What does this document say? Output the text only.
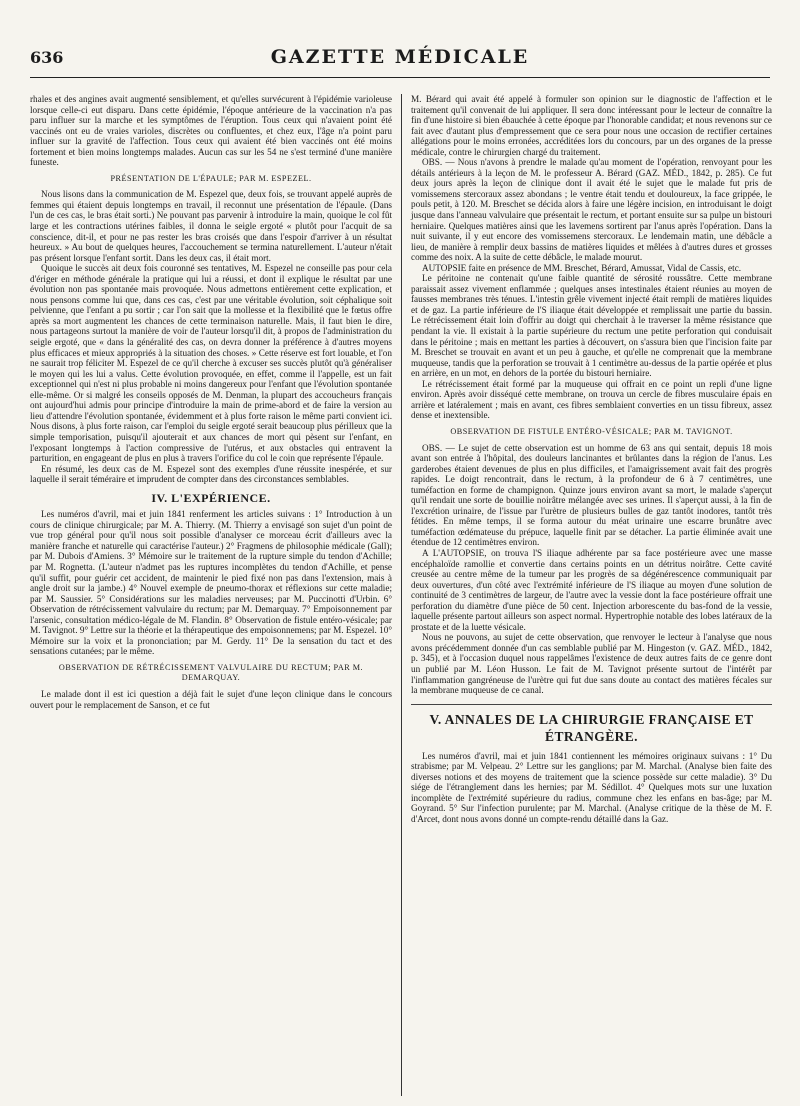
636	GAZETTE MÉDICALE

rhales et des angines avait augmenté sensiblement, et qu'elles survécurent à l'épidémie varioleuse lorsque celle-ci eut disparu. Dans cette épidémie, l'époque antérieure de la vaccination n'a pas paru influer sur la marche et les symptômes de l'éruption. Tous ceux qui n'avaient point été vaccinés ont eu de vraies varioles, discrètes ou confluentes, et chez eux, l'âge n'a point paru influer sur la gravité de l'affection. Tous ceux qui avaient été bien vaccinés ont été moins fortement et bien moins longtemps malades. Aucun cas sur les 54 ne s'est terminé d'une manière funeste.

PRÉSENTATION DE L'ÉPAULE; PAR M. ESPEZEL.

Nous lisons dans la communication de M. Espezel que, deux fois, se trouvant appelé auprès de femmes qui étaient depuis longtemps en travail, il reconnut une présentation de l'épaule. (Dans l'un de ces cas, le bras était sorti.) Ne pouvant pas parvenir à introduire la main, quoique le col fût large et les contractions utérines faibles, il donna le seigle ergoté « plutôt pour l'acquit de sa conscience, dit-il, et pour ne pas rester les bras croisés que dans l'espoir d'arriver à un résultat heureux. » Au bout de quelques heures, l'accouchement se termina naturellement. L'auteur n'était pas présent lorsque l'enfant sortit. Dans les deux cas, il était mort.

Quoique le succès ait deux fois couronné ses tentatives, M. Espezel ne conseille pas pour cela d'ériger en méthode générale la pratique qui lui a réussi, et dont il explique le résultat par une évolution non pas spontanée mais provoquée. Nous admettons entièrement cette explication, et nous pensons comme lui que, dans ces cas, c'est par une véritable évolution, soit céphalique soit pelvienne, que l'enfant a pu sortir ; car l'on sait que la mollesse et la flexibilité que le fœtus offre après sa mort augmentent les chances de cette terminaison naturelle. Mais, il faut bien le dire, nous partageons surtout la manière de voir de l'auteur lorsqu'il dit, à propos de l'administration du seigle ergoté, que « dans la généralité des cas, on devra donner la préférence à d'autres moyens plus efficaces et mieux appropriés à la situation des choses. » Cette réserve est fort louable, et l'on ne saurait trop féliciter M. Espezel de ce qu'il cherche à excuser ses succès plutôt qu'à généraliser le moyen qui les lui a valus. Cette évolution provoquée, en effet, comme il l'appelle, est un fait exceptionnel qui n'est ni plus probable ni moins dangereux pour l'enfant que l'évolution spontanée elle-même. Or si malgré les conseils opposés de M. Denman, la plupart des accoucheurs français ont aujourd'hui admis pour principe d'introduire la main de prime-abord et de faire la version au lieu d'attendre l'évolution spontanée, évidemment et à plus forte raison le même parti convient ici. Nous disons, à plus forte raison, car l'emploi du seigle ergoté serait beaucoup plus périlleux que la simple temporisation, puisqu'il ajouterait et aux chances de mort qui pèsent sur l'enfant, en l'exposant longtemps à l'action compressive de l'utérus, et aux obstacles qui entravent la parturition, en engageant de plus en plus à travers l'orifice du col le coin que représente l'épaule.

En résumé, les deux cas de M. Espezel sont des exemples d'une réussite inespérée, et sur laquelle il serait téméraire et imprudent de compter dans des circonstances semblables.

IV. L'EXPÉRIENCE.

Les numéros d'avril, mai et juin 1841 renferment les articles suivans : 1° Introduction à un cours de clinique chirurgicale; par M. A. Thierry. (M. Thierry a envisagé son sujet d'un point de vue trop général pour qu'il nous soit possible d'analyser ce morceau écrit d'ailleurs avec la manière franche et naturelle qui caractérise l'auteur.) 2° Fragmens de philosophie médicale (Gall); par M. Dubois d'Amiens. 3° Mémoire sur le traitement de la rupture simple du tendon d'Achille; par M. Rognetta. (L'auteur n'admet pas les ruptures incomplètes du tendon d'Achille, et pense qu'il suffit, pour guérir cet accident, de maintenir le pied fixé non pas dans l'extension, mais à angle droit sur la jambe.) 4° Nouvel exemple de pneumo-thorax et réflexions sur cette maladie; par M. Saussier. 5° Considérations sur les maladies nerveuses; par M. Puccinotti d'Urbin. 6° Observation de rétrécissement valvulaire du rectum; par M. Demarquay. 7° Empoisonnement par l'arsenic, consultation médico-légale de M. Flandin. 8° Observation de fistule entéro-vésicale; par M. Tavignot. 9° Lettre sur la théorie et la thérapeutique des empoisonnemens; par M. Espezel. 10° Mémoire sur la voix et la prononciation; par M. Gerdy. 11° De la sensation du tact et des sensations cutanées; par le même.

OBSERVATION DE RÉTRÉCISSEMENT VALVULAIRE DU RECTUM; PAR M. DEMARQUAY.

Le malade dont il est ici question a déjà fait le sujet d'une leçon clinique dans le concours ouvert pour le remplacement de Sanson, et ce fut

M. Bérard qui avait été appelé à formuler son opinion sur le diagnostic de l'affection et le traitement qu'il convenait de lui appliquer. Il sera donc intéressant pour le lecteur de connaître la fin d'une histoire si bien ébauchée à cette époque par l'honorable candidat; et nous revenons sur ce fait avec d'autant plus d'empressement que ce sera pour nous une occasion de rectifier certaines allégations pour le moins erronées, accréditées lors du concours, par un des organes de la presse médicale, contre le chirurgien chargé du traitement.

OBS. — Nous n'avons à prendre le malade qu'au moment de l'opération, renvoyant pour les détails antérieurs à la leçon de M. le professeur A. Bérard (GAZ. MÉD., 1842, p. 285). Ce fut deux jours après la leçon de clinique dont il avait été le sujet que le malade fut pris de vomissemens stercoraux assez abondans ; le ventre était tendu et douloureux, la face grippée, le pouls petit, à 120. M. Breschet se décida alors à faire une légère incision, en introduisant le doigt jusque dans l'anneau valvulaire que présentait le rectum, et portant ensuite sur sa pulpe un bistouri herniaire. Quelques matières ainsi que les lavemens sortirent par l'anus après l'opération. Dans la nuit suivante, il y eut encore des vomissemens stercoraux. Le lendemain matin, une débâcle a lieu, de manière à remplir deux bassins de matières liquides et mêlées à d'autres dures et grosses comme des noix. A la suite de cette débâcle, le malade mourut.

AUTOPSIE faite en présence de MM. Breschet, Bérard, Amussat, Vidal de Cassis, etc.

Le péritoine ne contenait qu'une faible quantité de sérosité roussâtre. Cette membrane paraissait assez vivement enflammée ; quelques anses intestinales étaient réunies au moyen de fausses membranes très ténues. L'intestin grêle vivement injecté était rempli de matières liquides et de gaz. La partie inférieure de l'S iliaque était développée et remplissait une partie du bassin. Le rétrécissement était loin d'offrir au doigt qui cherchait à le traverser la même résistance que pendant la vie. Il existait à la partie supérieure du rectum une petite perforation qui conduisait dans le péritoine ; mais en mettant les parties à découvert, on s'assura bien que l'incision faite par M. Breschet se trouvait en avant et un peu à gauche, et qu'elle ne comprenait que la membrane muqueuse, tandis que la perforation se trouvait à 1 centimètre au-dessus de la partie opérée et plus en arrière, en un mot, en dehors de la portée du bistouri herniaire.

Le rétrécissement était formé par la muqueuse qui offrait en ce point un repli d'une ligne environ. Après avoir disséqué cette membrane, on trouva un cercle de fibres musculaire épais en arrière et latéralement ; mais en avant, ces fibres semblaient converties en un tissu fibreux, assez dense et inextensible.

OBSERVATION DE FISTULE ENTÉRO-VÉSICALE; PAR M. TAVIGNOT.

OBS. — Le sujet de cette observation est un homme de 63 ans qui sentait, depuis 18 mois avant son entrée à l'hôpital, des douleurs lancinantes et brûlantes dans la région de l'anus. Les garderobes étaient devenues de plus en plus difficiles, et l'amaigrissement avait fait des progrès rapides. Le doigt rencontrait, dans le rectum, à la profondeur de 6 à 7 centimètres, une tuméfaction en forme de champignon. Quinze jours environ avant sa mort, le malade s'aperçut qu'il rendait une sorte de bouillie noirâtre mélangée avec ses urines. Il s'aperçut aussi, à la fin de l'excrétion urinaire, de l'issue par l'urètre de plusieurs bulles de gaz tantôt inodores, tantôt très fétides. En même temps, il se forma autour du méat urinaire une escarre brunâtre avec tuméfaction œdémateuse du prépuce, laquelle finit par se détacher. La partie éliminée avait une étendue de 12 centimètres environ.

A L'AUTOPSIE, on trouva l'S iliaque adhérente par sa face postérieure avec une masse encéphaloïde ramollie et convertie dans certains points en un détritus noirâtre. Cette cavité creusée au centre même de la tumeur par les progrès de sa dégénérescence communiquait par deux ouvertures, d'un côté avec l'extrémité inférieure de l'S iliaque au moyen d'une solution de continuité de 3 centimètres de largeur, de l'autre avec la vessie dont la face postérieure offrait une perforation du diamètre d'une pièce de 50 cent. Injection arborescente du bas-fond de la vessie, laquelle présente partout ailleurs son aspect normal. Hypertrophie notable des lobes latéraux de la prostate et de la luette vésicale.

Nous ne pouvons, au sujet de cette observation, que renvoyer le lecteur à l'analyse que nous avons précédemment donnée d'un cas semblable publié par M. Hingeston (v. GAZ. MÉD., 1842, p. 345), et à l'occasion duquel nous rappelâmes l'existence de deux autres faits de ce genre dont un publié par M. Léon Husson. Le fait de M. Tavignot présente surtout de l'intérêt par l'inflammation gangréneuse de l'urètre qui fut due sans doute au contact des matières fécales sur la membrane muqueuse de ce canal.

V. ANNALES DE LA CHIRURGIE FRANÇAISE ET ÉTRANGÈRE.

Les numéros d'avril, mai et juin 1841 contiennent les mémoires originaux suivans : 1° Du strabisme; par M. Velpeau. 2° Lettre sur les ganglions; par M. Marchal. (Analyse bien faite des diverses notions et des moyens de traitement que la science possède sur cette maladie). 3° Du siége de l'étranglement dans les hernies; par M. Sédillot. 4° Quelques mots sur une luxation incomplète de l'extrémité supérieure du radius, commune chez les enfans en bas-âge; par M. Goyrand. 5° Sur l'infection purulente; par M. Marchal. (Analyse critique de la thèse de M. F. d'Arcet, dont nous avons donné un compte-rendu détaillé dans la Gaz.
